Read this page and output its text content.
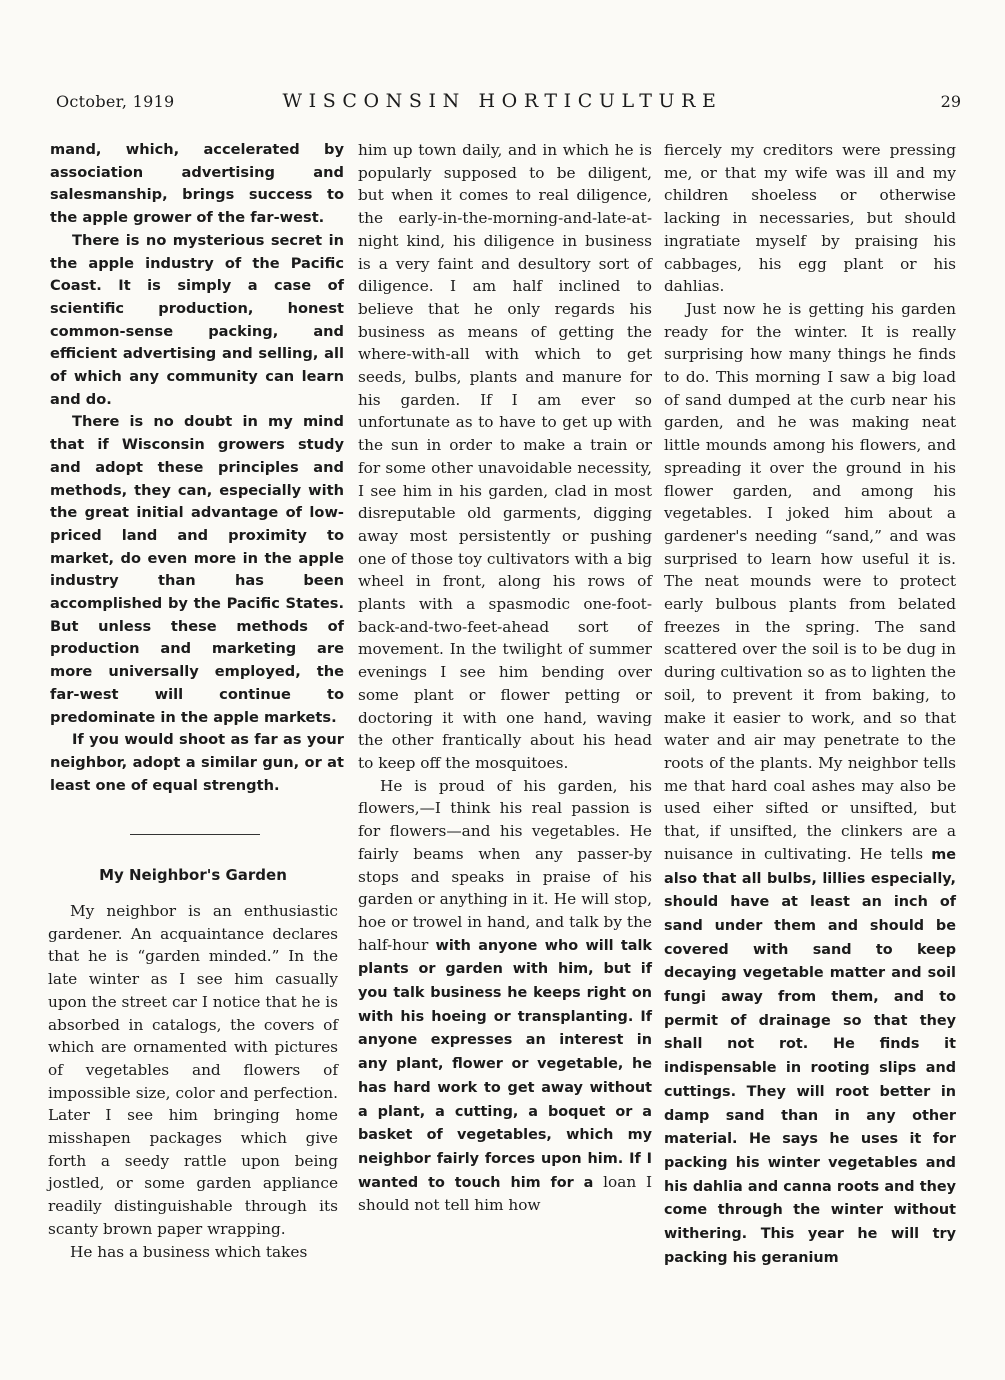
October, 1919	WISCONSIN HORTICULTURE	29

mand, which, accelerated by association advertising and salesmanship, brings success to the apple grower of the far-west.

There is no mysterious secret in the apple industry of the Pacific Coast. It is simply a case of scientific production, honest common-sense packing, and efficient advertising and selling, all of which any community can learn and do.

There is no doubt in my mind that if Wisconsin growers study and adopt these principles and methods, they can, especially with the great initial advantage of low-priced land and proximity to market, do even more in the apple industry than has been accomplished by the Pacific States. But unless these methods of production and marketing are more universally employed, the far-west will continue to predominate in the apple markets.

If you would shoot as far as your neighbor, adopt a similar gun, or at least one of equal strength.

My Neighbor's Garden

My neighbor is an enthusiastic gardener. An acquaintance declares that he is “garden minded.” In the late winter as I see him casually upon the street car I notice that he is absorbed in catalogs, the covers of which are ornamented with pictures of vegetables and flowers of impossible size, color and perfection. Later I see him bringing home misshapen packages which give forth a seedy rattle upon being jostled, or some garden appliance readily distinguishable through its scanty brown paper wrapping.

He has a business which takes

him up town daily, and in which he is popularly supposed to be diligent, but when it comes to real diligence, the early-in-the-morning-and-late-at-night kind, his diligence in business is a very faint and desultory sort of diligence. I am half inclined to believe that he only regards his business as means of getting the where-with-all with which to get seeds, bulbs, plants and manure for his garden. If I am ever so unfortunate as to have to get up with the sun in order to make a train or for some other unavoidable necessity, I see him in his garden, clad in most disreputable old garments, digging away most persistently or pushing one of those toy cultivators with a big wheel in front, along his rows of plants with a spasmodic one-foot-back-and-two-feet-ahead sort of movement. In the twilight of summer evenings I see him bending over some plant or flower petting or doctoring it with one hand, waving the other frantically about his head to keep off the mosquitoes.

He is proud of his garden, his flowers,—I think his real passion is for flowers—and his vegetables. He fairly beams when any passer-by stops and speaks in praise of his garden or anything in it. He will stop, hoe or trowel in hand, and talk by the half-hour with anyone who will talk plants or garden with him, but if you talk business he keeps right on with his hoeing or transplanting. If anyone expresses an interest in any plant, flower or vegetable, he has hard work to get away without a plant, a cutting, a boquet or a basket of vegetables, which my neighbor fairly forces upon him. If I wanted to touch him for a loan I should not tell him how

fiercely my creditors were pressing me, or that my wife was ill and my children shoeless or otherwise lacking in necessaries, but should ingratiate myself by praising his cabbages, his egg plant or his dahlias.

Just now he is getting his garden ready for the winter. It is really surprising how many things he finds to do. This morning I saw a big load of sand dumped at the curb near his garden, and he was making neat little mounds among his flowers, and spreading it over the ground in his flower garden, and among his vegetables. I joked him about a gardener's needing “sand,” and was surprised to learn how useful it is. The neat mounds were to protect early bulbous plants from belated freezes in the spring. The sand scattered over the soil is to be dug in during cultivation so as to lighten the soil, to prevent it from baking, to make it easier to work, and so that water and air may penetrate to the roots of the plants. My neighbor tells me that hard coal ashes may also be used eiher sifted or unsifted, but that, if unsifted, the clinkers are a nuisance in cultivating. He tells me also that all bulbs, lillies especially, should have at least an inch of sand under them and should be covered with sand to keep decaying vegetable matter and soil fungi away from them, and to permit of drainage so that they shall not rot. He finds it indispensable in rooting slips and cuttings. They will root better in damp sand than in any other material. He says he uses it for packing his winter vegetables and his dahlia and canna roots and they come through the winter without withering. This year he will try packing his geranium
